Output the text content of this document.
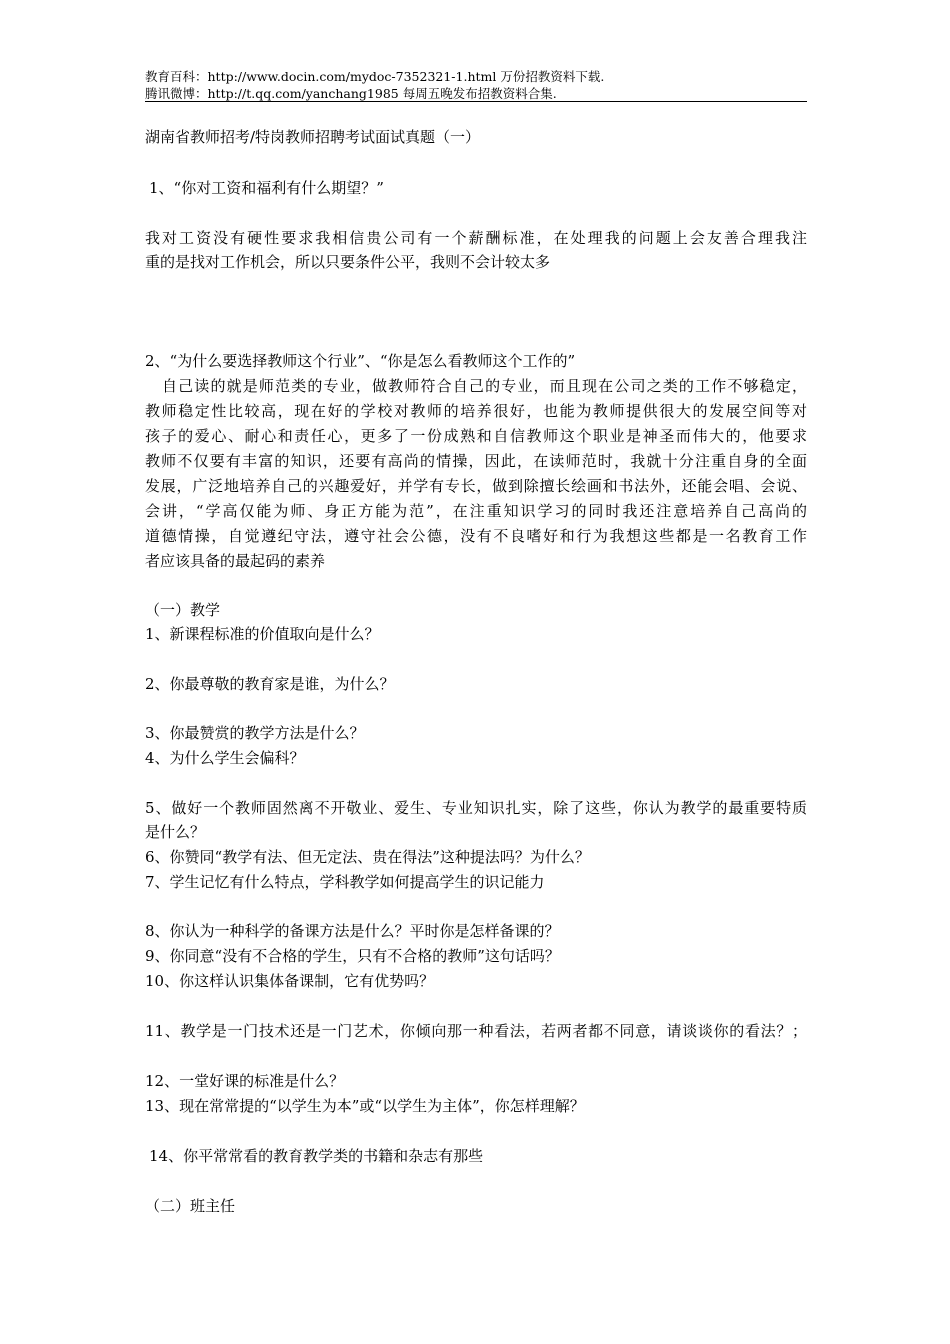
教育百科：http://www.docin.com/mydoc-7352321-1.html 万份招教资料下载.
腾讯微博：http://t.qq.com/yanchang1985 每周五晚发布招教资料合集.
湖南省教师招考/特岗教师招聘考试面试真题（一）
1、“你对工资和福利有什么期望？”
我对工资没有硬性要求我相信贵公司有一个薪酬标准，在处理我的问题上会友善合理我注
重的是找对工作机会，所以只要条件公平，我则不会计较太多
2、“为什么要选择教师这个行业”、“你是怎么看教师这个工作的”
自己读的就是师范类的专业，做教师符合自己的专业，而且现在公司之类的工作不够稳定，
教师稳定性比较高，现在好的学校对教师的培养很好，也能为教师提供很大的发展空间等对
孩子的爱心、耐心和责任心，更多了一份成熟和自信教师这个职业是神圣而伟大的，他要求
教师不仅要有丰富的知识，还要有高尚的情操，因此，在读师范时，我就十分注重自身的全面
发展，广泛地培养自己的兴趣爱好，并学有专长，做到除擅长绘画和书法外，还能会唱、会说、
会讲，“学高仅能为师、身正方能为范”，在注重知识学习的同时我还注意培养自己高尚的
道德情操，自觉遵纪守法，遵守社会公德，没有不良嗜好和行为我想这些都是一名教育工作
者应该具备的最起码的素养
（一）教学
1、新课程标准的价值取向是什么？
2、你最尊敬的教育家是谁，为什么？
3、你最赞赏的教学方法是什么？
4、为什么学生会偏科？
5、做好一个教师固然离不开敬业、爱生、专业知识扎实，除了这些，你认为教学的最重要特质
是什么？
6、你赞同“教学有法、但无定法、贵在得法”这种提法吗？为什么？
7、学生记忆有什么特点，学科教学如何提高学生的识记能力
8、你认为一种科学的备课方法是什么？平时你是怎样备课的？
9、你同意“没有不合格的学生，只有不合格的教师”这句话吗？
10、你这样认识集体备课制，它有优势吗？
11、教学是一门技术还是一门艺术，你倾向那一种看法，若两者都不同意，请谈谈你的看法？；
12、一堂好课的标准是什么？
13、现在常常提的“以学生为本”或“以学生为主体”，你怎样理解？
14、你平常常看的教育教学类的书籍和杂志有那些
（二）班主任
